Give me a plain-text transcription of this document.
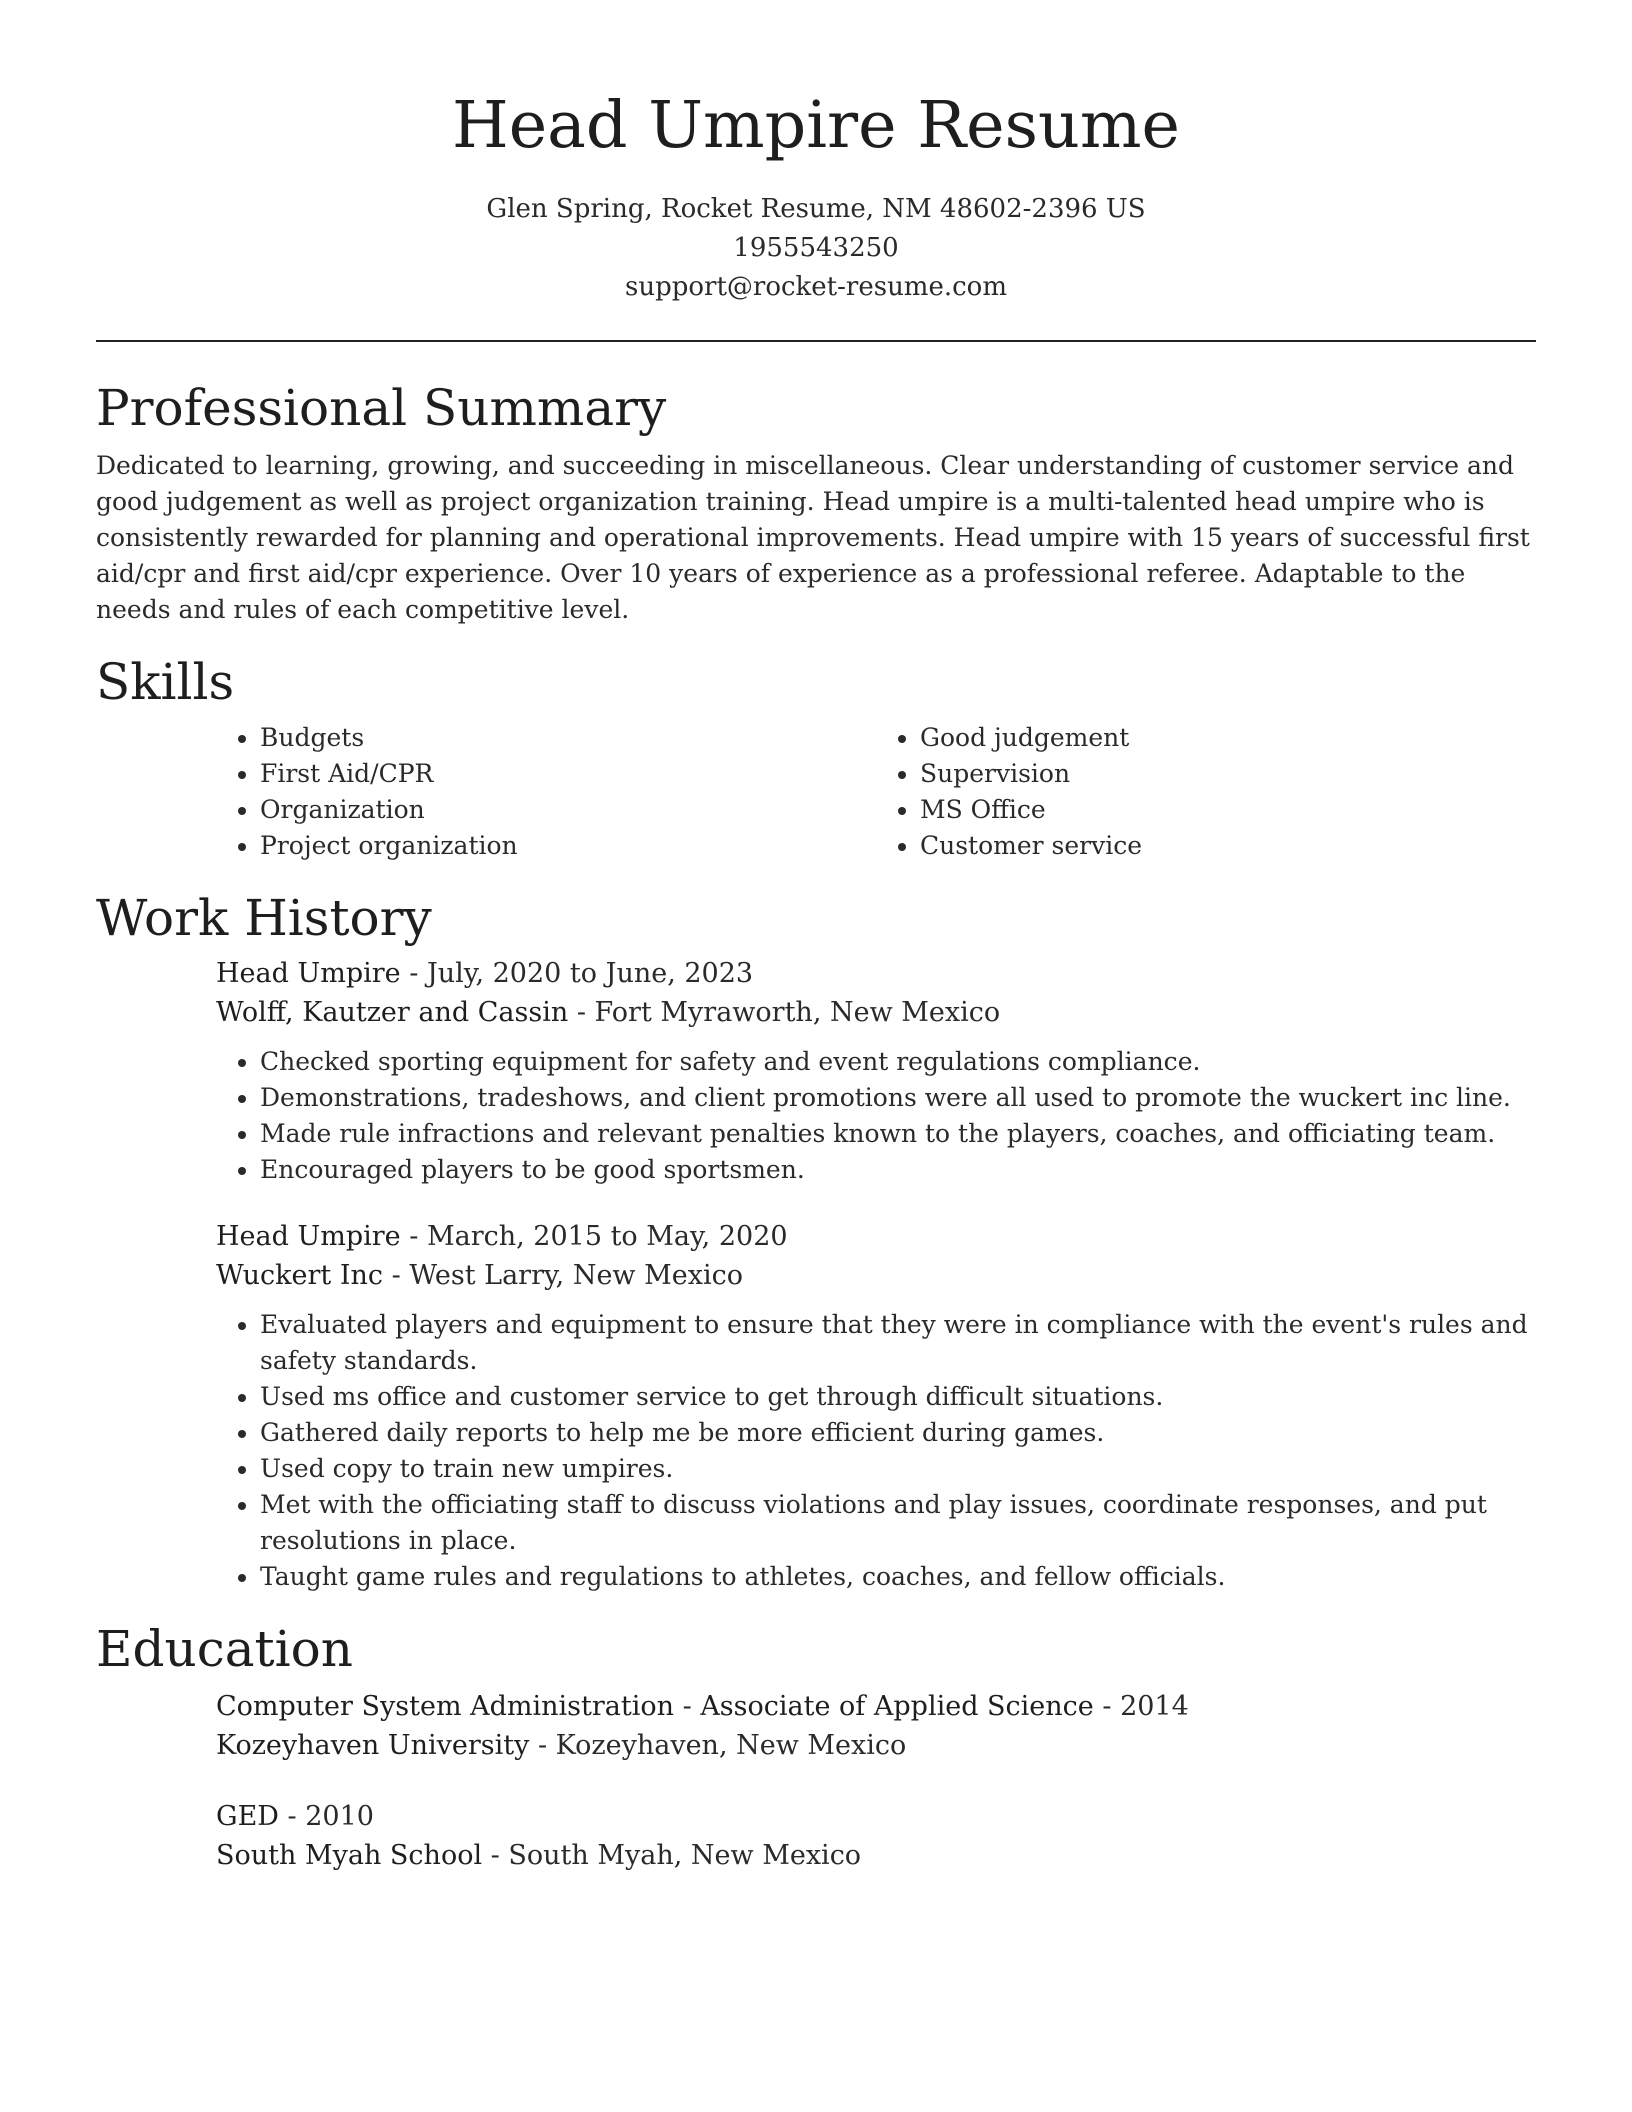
Head Umpire Resume
Glen Spring, Rocket Resume, NM 48602-2396 US
1955543250
support@rocket-resume.com
Professional Summary

Dedicated to learning, growing, and succeeding in miscellaneous. Clear understanding of customer service and good judgement as well as project organization training. Head umpire is a multi-talented head umpire who is consistently rewarded for planning and operational improvements. Head umpire with 15 years of successful first aid/cpr and first aid/cpr experience. Over 10 years of experience as a professional referee. Adaptable to the needs and rules of each competitive level.

Skills
• Budgets
• First Aid/CPR
• Organization
• Project organization
• Good judgement
• Supervision
• MS Office
• Customer service
Work History
Head Umpire - July, 2020 to June, 2023
Wolff, Kautzer and Cassin - Fort Myraworth, New Mexico
• Checked sporting equipment for safety and event regulations compliance.
• Demonstrations, tradeshows, and client promotions were all used to promote the wuckert inc line.
• Made rule infractions and relevant penalties known to the players, coaches, and officiating team.
• Encouraged players to be good sportsmen.
Head Umpire - March, 2015 to May, 2020
Wuckert Inc - West Larry, New Mexico
• Evaluated players and equipment to ensure that they were in compliance with the event's rules and safety standards.
• Used ms office and customer service to get through difficult situations.
• Gathered daily reports to help me be more efficient during games.
• Used copy to train new umpires.
• Met with the officiating staff to discuss violations and play issues, coordinate responses, and put resolutions in place.
• Taught game rules and regulations to athletes, coaches, and fellow officials.
Education
Computer System Administration - Associate of Applied Science - 2014
Kozeyhaven University - Kozeyhaven, New Mexico
GED - 2010
South Myah School - South Myah, New Mexico
